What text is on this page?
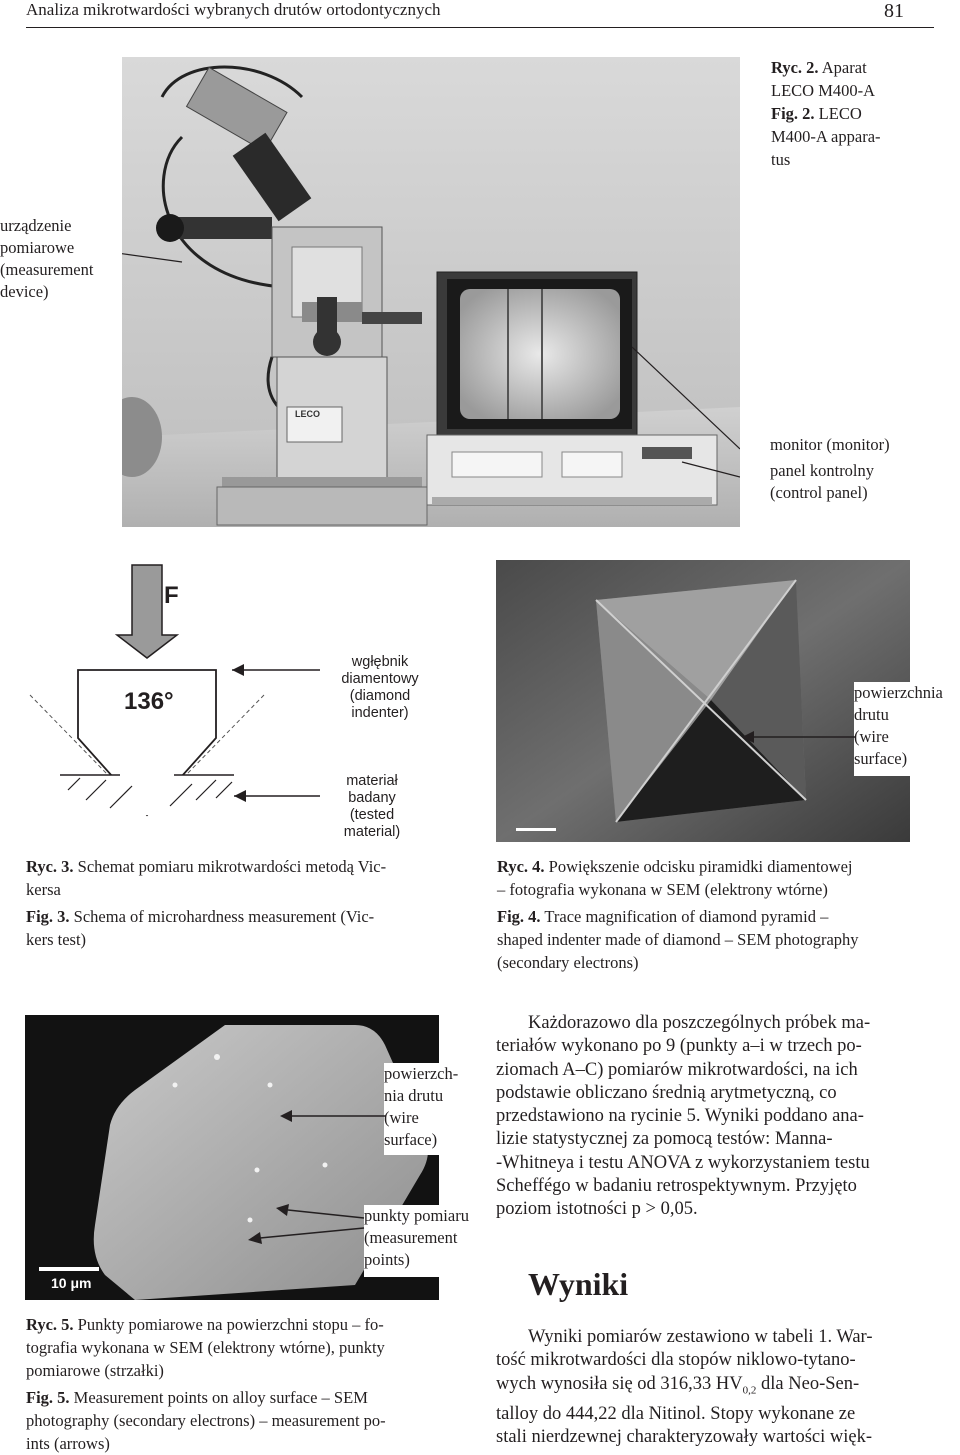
Analiza mikrotwardości wybranych drutów ortodontycznych	81
LECO
Ryc. 2. Aparat
LECO M400-A
Fig. 2. LECO
M400-A appara-
tus
urządzenie
pomiarowe
(measurement
device)
monitor (monitor)
panel kontrolny
(control panel)
F
136°
wgłębnik
diamentowy
(diamond
indenter)
materiał
badany
(tested
material)
Ryc. 3. Schemat pomiaru mikrotwardości metodą Vic-
kersa
Fig. 3. Schema of microhardness measurement (Vic-
kers test)
powierzchnia
drutu
(wire
surface)
Ryc. 4. Powiększenie odcisku piramidki diamentowej
– fotografia wykonana w SEM (elektrony wtórne)
Fig. 4. Trace magnification of diamond pyramid –
shaped indenter made of diamond – SEM photography
(secondary electrons)
10 μm
powierzch-
nia drutu
(wire
surface)
punkty pomiaru
(measurement
points)
Ryc. 5. Punkty pomiarowe na powierzchni stopu – fo-
tografia wykonana w SEM (elektrony wtórne), punkty
pomiarowe (strzałki)
Fig. 5. Measurement points on alloy surface – SEM
photography (secondary electrons) – measurement po-
ints (arrows)
Każdorazowo dla poszczególnych próbek ma-
teriałów wykonano po 9 (punkty a–i w trzech po-
ziomach A–C) pomiarów mikrotwardości, na ich
podstawie obliczano średnią arytmetyczną, co
przedstawiono na rycinie 5. Wyniki poddano ana-
lizie statystycznej za pomocą testów: Manna-
-Whitneya i testu ANOVA z wykorzystaniem testu
Scheffégo w badaniu retrospektywnym. Przyjęto
poziom istotności p > 0,05.
Wyniki
Wyniki pomiarów zestawiono w tabeli 1. War-
tość mikrotwardości dla stopów niklowo-tytano-
wych wynosiła się od 316,33 $HV_{0,2}$ dla Neo-Sen-
talloy do 444,22 dla Nitinol. Stopy wykonane ze
stali nierdzewnej charakteryzowały wartości więk-
